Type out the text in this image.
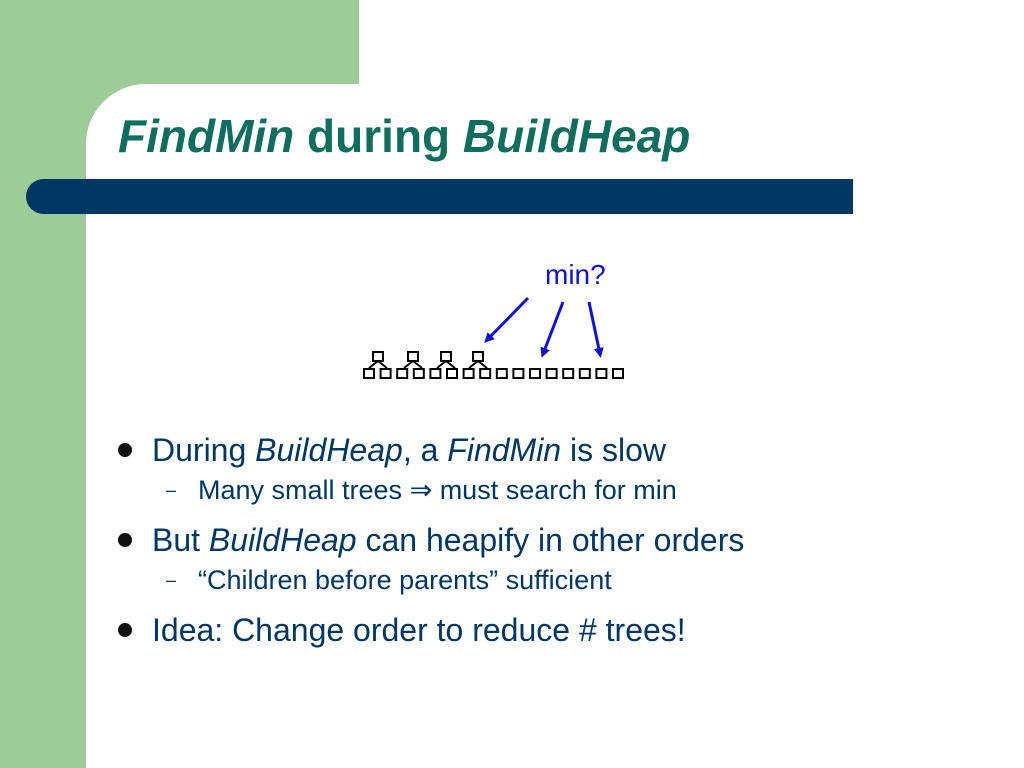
FindMin during BuildHeap
min?
During BuildHeap, a FindMin is slow
– Many small trees ⇒ must search for min
But BuildHeap can heapify in other orders
– “Children before parents” sufficient
Idea: Change order to reduce # trees!
